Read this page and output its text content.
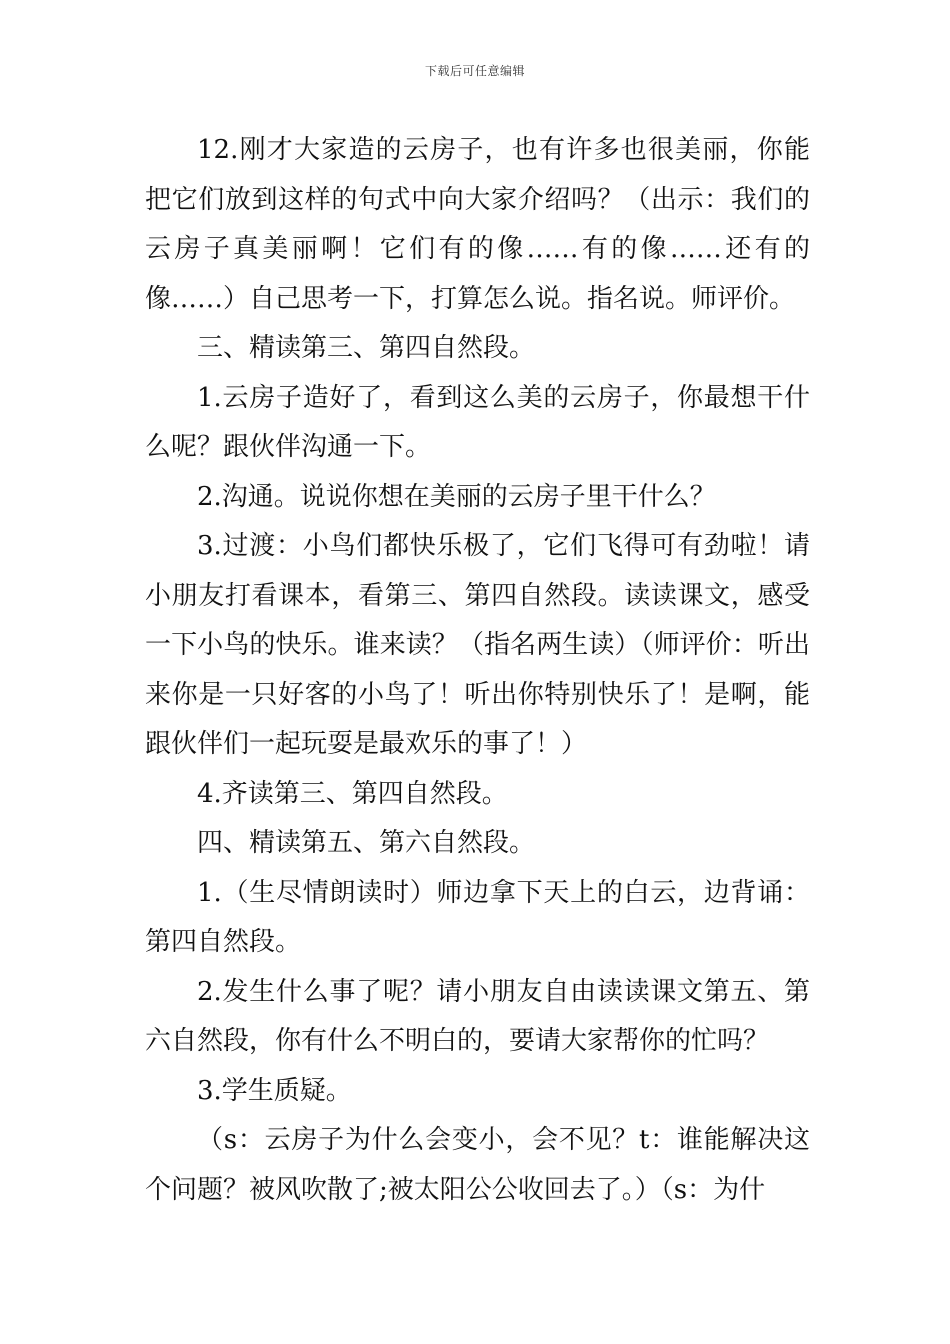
下载后可任意编辑

12.刚才大家造的云房子，也有许多也很美丽，你能把它们放到这样的句式中向大家介绍吗？（出示：我们的云房子真美丽啊！它们有的像……有的像……还有的像……）自己思考一下，打算怎么说。指名说。师评价。

三、精读第三、第四自然段。

1.云房子造好了，看到这么美的云房子，你最想干什么呢？跟伙伴沟通一下。

2.沟通。说说你想在美丽的云房子里干什么？

3.过渡：小鸟们都快乐极了，它们飞得可有劲啦！请小朋友打看课本，看第三、第四自然段。读读课文，感受一下小鸟的快乐。谁来读？（指名两生读）（师评价：听出来你是一只好客的小鸟了！听出你特别快乐了！是啊，能跟伙伴们一起玩耍是最欢乐的事了！）

4.齐读第三、第四自然段。

四、精读第五、第六自然段。

1.（生尽情朗读时）师边拿下天上的白云，边背诵：第四自然段。

2.发生什么事了呢？请小朋友自由读读课文第五、第六自然段，你有什么不明白的，要请大家帮你的忙吗？

3.学生质疑。

（s：云房子为什么会变小，会不见？t：谁能解决这个问题？被风吹散了;被太阳公公收回去了。）（s：为什
